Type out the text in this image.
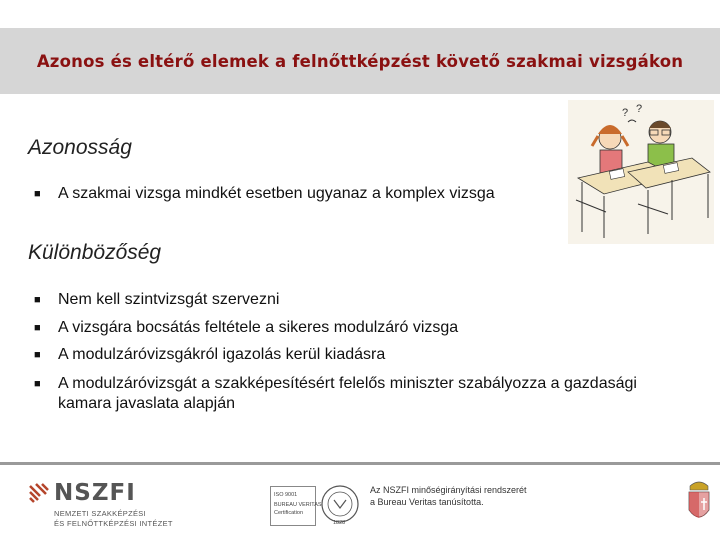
Azonos és eltérő elemek a felnőttképzést követő szakmai vizsgákon
? ?
Azonosság
■	A szakmai vizsga mindkét esetben ugyanaz a komplex vizsga
Különbözőség
■	Nem kell szintvizsgát szervezni
■	A vizsgára bocsátás feltétele a sikeres modulzáró vizsga
■	A modulzáróvizsgákról igazolás kerül kiadásra
■	A modulzáróvizsgát a szakképesítésért felelős miniszter szabályozza a gazdasági kamara javaslata alapján
NSZFI
NEMZETI SZAKKÉPZÉSI
ÉS FELNŐTTKÉPZÉSI INTÉZET
ISO 9001
BUREAU VERITAS
Certification
1828
Az NSZFI minőségirányítási rendszerét a Bureau Veritas tanúsította.
